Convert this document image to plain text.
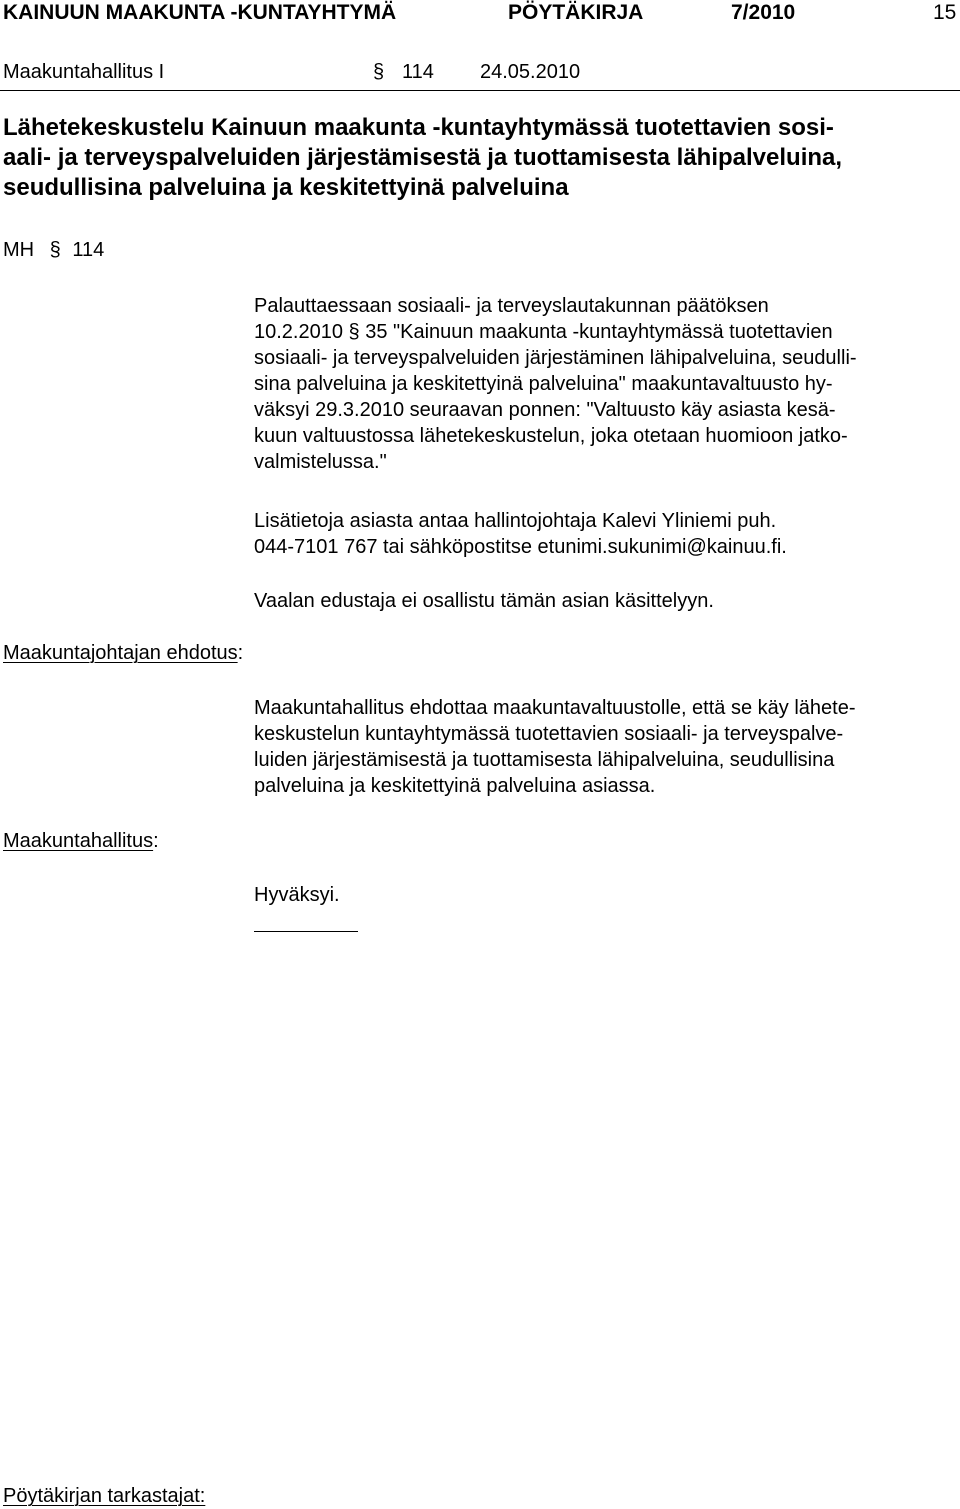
KAINUUN MAAKUNTA -KUNTAYHTYMÄ	PÖYTÄKIRJA	7/2010	15
Maakuntahallitus I	§ 114 24.05.2010
Lähetekeskustelu Kainuun maakunta -kuntayhtymässä tuotettavien sosi-
aali- ja terveyspalveluiden järjestämisestä ja tuottamisesta lähipalveluina,
seudullisina palveluina ja keskitettyinä palveluina
MH § 114
Palauttaessaan sosiaali- ja terveyslautakunnan päätöksen
10.2.2010 § 35 "Kainuun maakunta -kuntayhtymässä tuotettavien
sosiaali- ja terveyspalveluiden järjestäminen lähipalveluina, seudulli-
sina palveluina ja keskitettyinä palveluina" maakuntavaltuusto hy-
väksyi 29.3.2010 seuraavan ponnen: "Valtuusto käy asiasta kesä-
kuun valtuustossa lähetekeskustelun, joka otetaan huomioon jatko-
valmistelussa."
Lisätietoja asiasta antaa hallintojohtaja Kalevi Yliniemi puh.
044-7101 767 tai sähköpostitse etunimi.sukunimi@kainuu.fi.
Vaalan edustaja ei osallistu tämän asian käsittelyyn.
Maakuntajohtajan ehdotus:
Maakuntahallitus ehdottaa maakuntavaltuustolle, että se käy lähete-
keskustelun kuntayhtymässä tuotettavien sosiaali- ja terveyspalve-
luiden järjestämisestä ja tuottamisesta lähipalveluina, seudullisina
palveluina ja keskitettyinä palveluina asiassa.
Maakuntahallitus:
Hyväksyi.
Pöytäkirjan tarkastajat:
